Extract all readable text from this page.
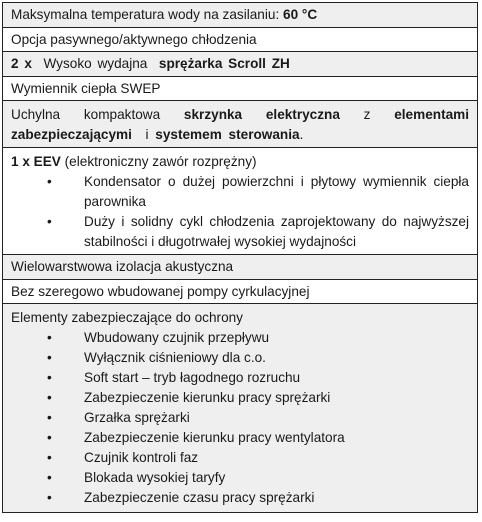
Maksymalna temperatura wody na zasilaniu: 60 °C
Opcja pasywnego/aktywnego chłodzenia
2 x Wysoko wydajna sprężarka Scroll ZH
Wymiennik ciepła SWEP
Uchylna kompaktowa skrzynka elektryczna z elementami
zabezpieczającymi i systemem sterowania.
1 x EEV (elektroniczny zawór rozprężny)
• Kondensator o dużej powierzchni i płytowy wymiennik ciepła parownika
• Duży i solidny cykl chłodzenia zaprojektowany do najwyższej stabilności i długotrwałej wysokiej wydajności
Wielowarstwowa izolacja akustyczna
Bez szeregowo wbudowanej pompy cyrkulacyjnej
Elementy zabezpieczające do ochrony
• Wbudowany czujnik przepływu
• Wyłącznik ciśnieniowy dla c.o.
• Soft start – tryb łagodnego rozruchu
• Zabezpieczenie kierunku pracy sprężarki
• Grzałka sprężarki
• Zabezpieczenie kierunku pracy wentylatora
• Czujnik kontroli faz
• Blokada wysokiej taryfy
• Zabezpieczenie czasu pracy sprężarki
